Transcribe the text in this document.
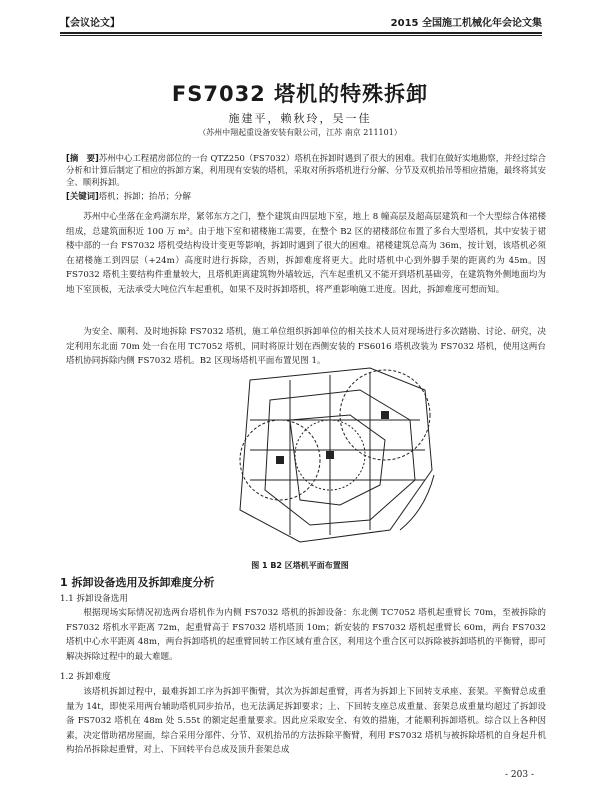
【会议论文】	2015 全国施工机械化年会论文集
FS7032 塔机的特殊拆卸
施建平，赖秋玲，吴一佳
（苏州中翔起重设备安装有限公司，江苏 南京 211101）
[摘　要]苏州中心工程裙房部位的一台 QTZ250（FS7032）塔机在拆卸时遇到了很大的困难。我们在做好实地勘察，并经过综合分析和计算后制定了相应的拆卸方案，利用现有安装的塔机，采取对所拆塔机进行分解、分节及双机抬吊等相应措施，最终将其安全、顺利拆卸。
[关键词]塔机；拆卸；抬吊；分解

苏州中心坐落在金鸡湖东岸，紧邻东方之门，整个建筑由四层地下室，地上 8 幢高层及超高层建筑和一个大型综合体裙楼组成，总建筑面积近 100 万 m²。由于地下室和裙楼施工需要，在整个 B2 区的裙楼部位布置了多台大型塔机，其中安装于裙楼中部的一台 FS7032 塔机受结构设计变更等影响，拆卸时遇到了很大的困难。裙楼建筑总高为 36m，按计划，该塔机必须在裙楼施工到四层（+24m）高度时进行拆除，否则，拆卸难度将更大。此时塔机中心到外脚手架的距离约为 45m。因 FS7032 塔机主要结构件重量较大，且塔机距离建筑物外墙较远，汽车起重机又不能开到塔机基础旁，在建筑物外侧地面均为地下室顶板，无法承受大吨位汽车起重机，如果不及时拆卸塔机，将严重影响施工进度。因此，拆卸难度可想而知。

为安全、顺利、及时地拆除 FS7032 塔机，施工单位组织拆卸单位的相关技术人员对现场进行多次踏勘、讨论、研究，决定利用东北面 70m 处一台在用 TC7052 塔机，同时将原计划在西侧安装的 FS6016 塔机改装为 FS7032 塔机，使用这两台塔机协同拆除内侧 FS7032 塔机。B2 区现场塔机平面布置见图 1。

图 1 B2 区塔机平面布置图
1 拆卸设备选用及拆卸难度分析
1.1 拆卸设备选用

根据现场实际情况初选两台塔机作为内侧 FS7032 塔机的拆卸设备：东北侧 TC7052 塔机起重臂长 70m，至被拆除的 FS7032 塔机水平距离 72m，起重臂高于 FS7032 塔机塔顶 10m；新安装的 FS7032 塔机起重臂长 60m，两台 FS7032 塔机中心水平距离 48m，两台拆卸塔机的起重臂回转工作区域有重合区，利用这个重合区可以拆除被拆卸塔机的平衡臂，即可解决拆除过程中的最大难题。

1.2 拆卸难度

该塔机拆卸过程中，最难拆卸工序为拆卸平衡臂，其次为拆卸起重臂，再者为拆卸上下回转支承座、套架。平衡臂总成重量为 14t，即使采用两台辅助塔机同步抬吊，也无法满足拆卸要求；上、下回转支座总成重量、套架总成重量均超过了拆卸设备 FS7032 塔机在 48m 处 5.55t 的额定起重量要求。因此应采取安全、有效的措施，才能顺利拆卸塔机。综合以上各种因素，决定借助裙房屋面，综合采用分部件、分节、双机抬吊的方法拆除平衡臂，利用 FS7032 塔机与被拆除塔机的自身起升机构抬吊拆除起重臂，对上、下回转平台总成及顶升套架总成

- 203 -
